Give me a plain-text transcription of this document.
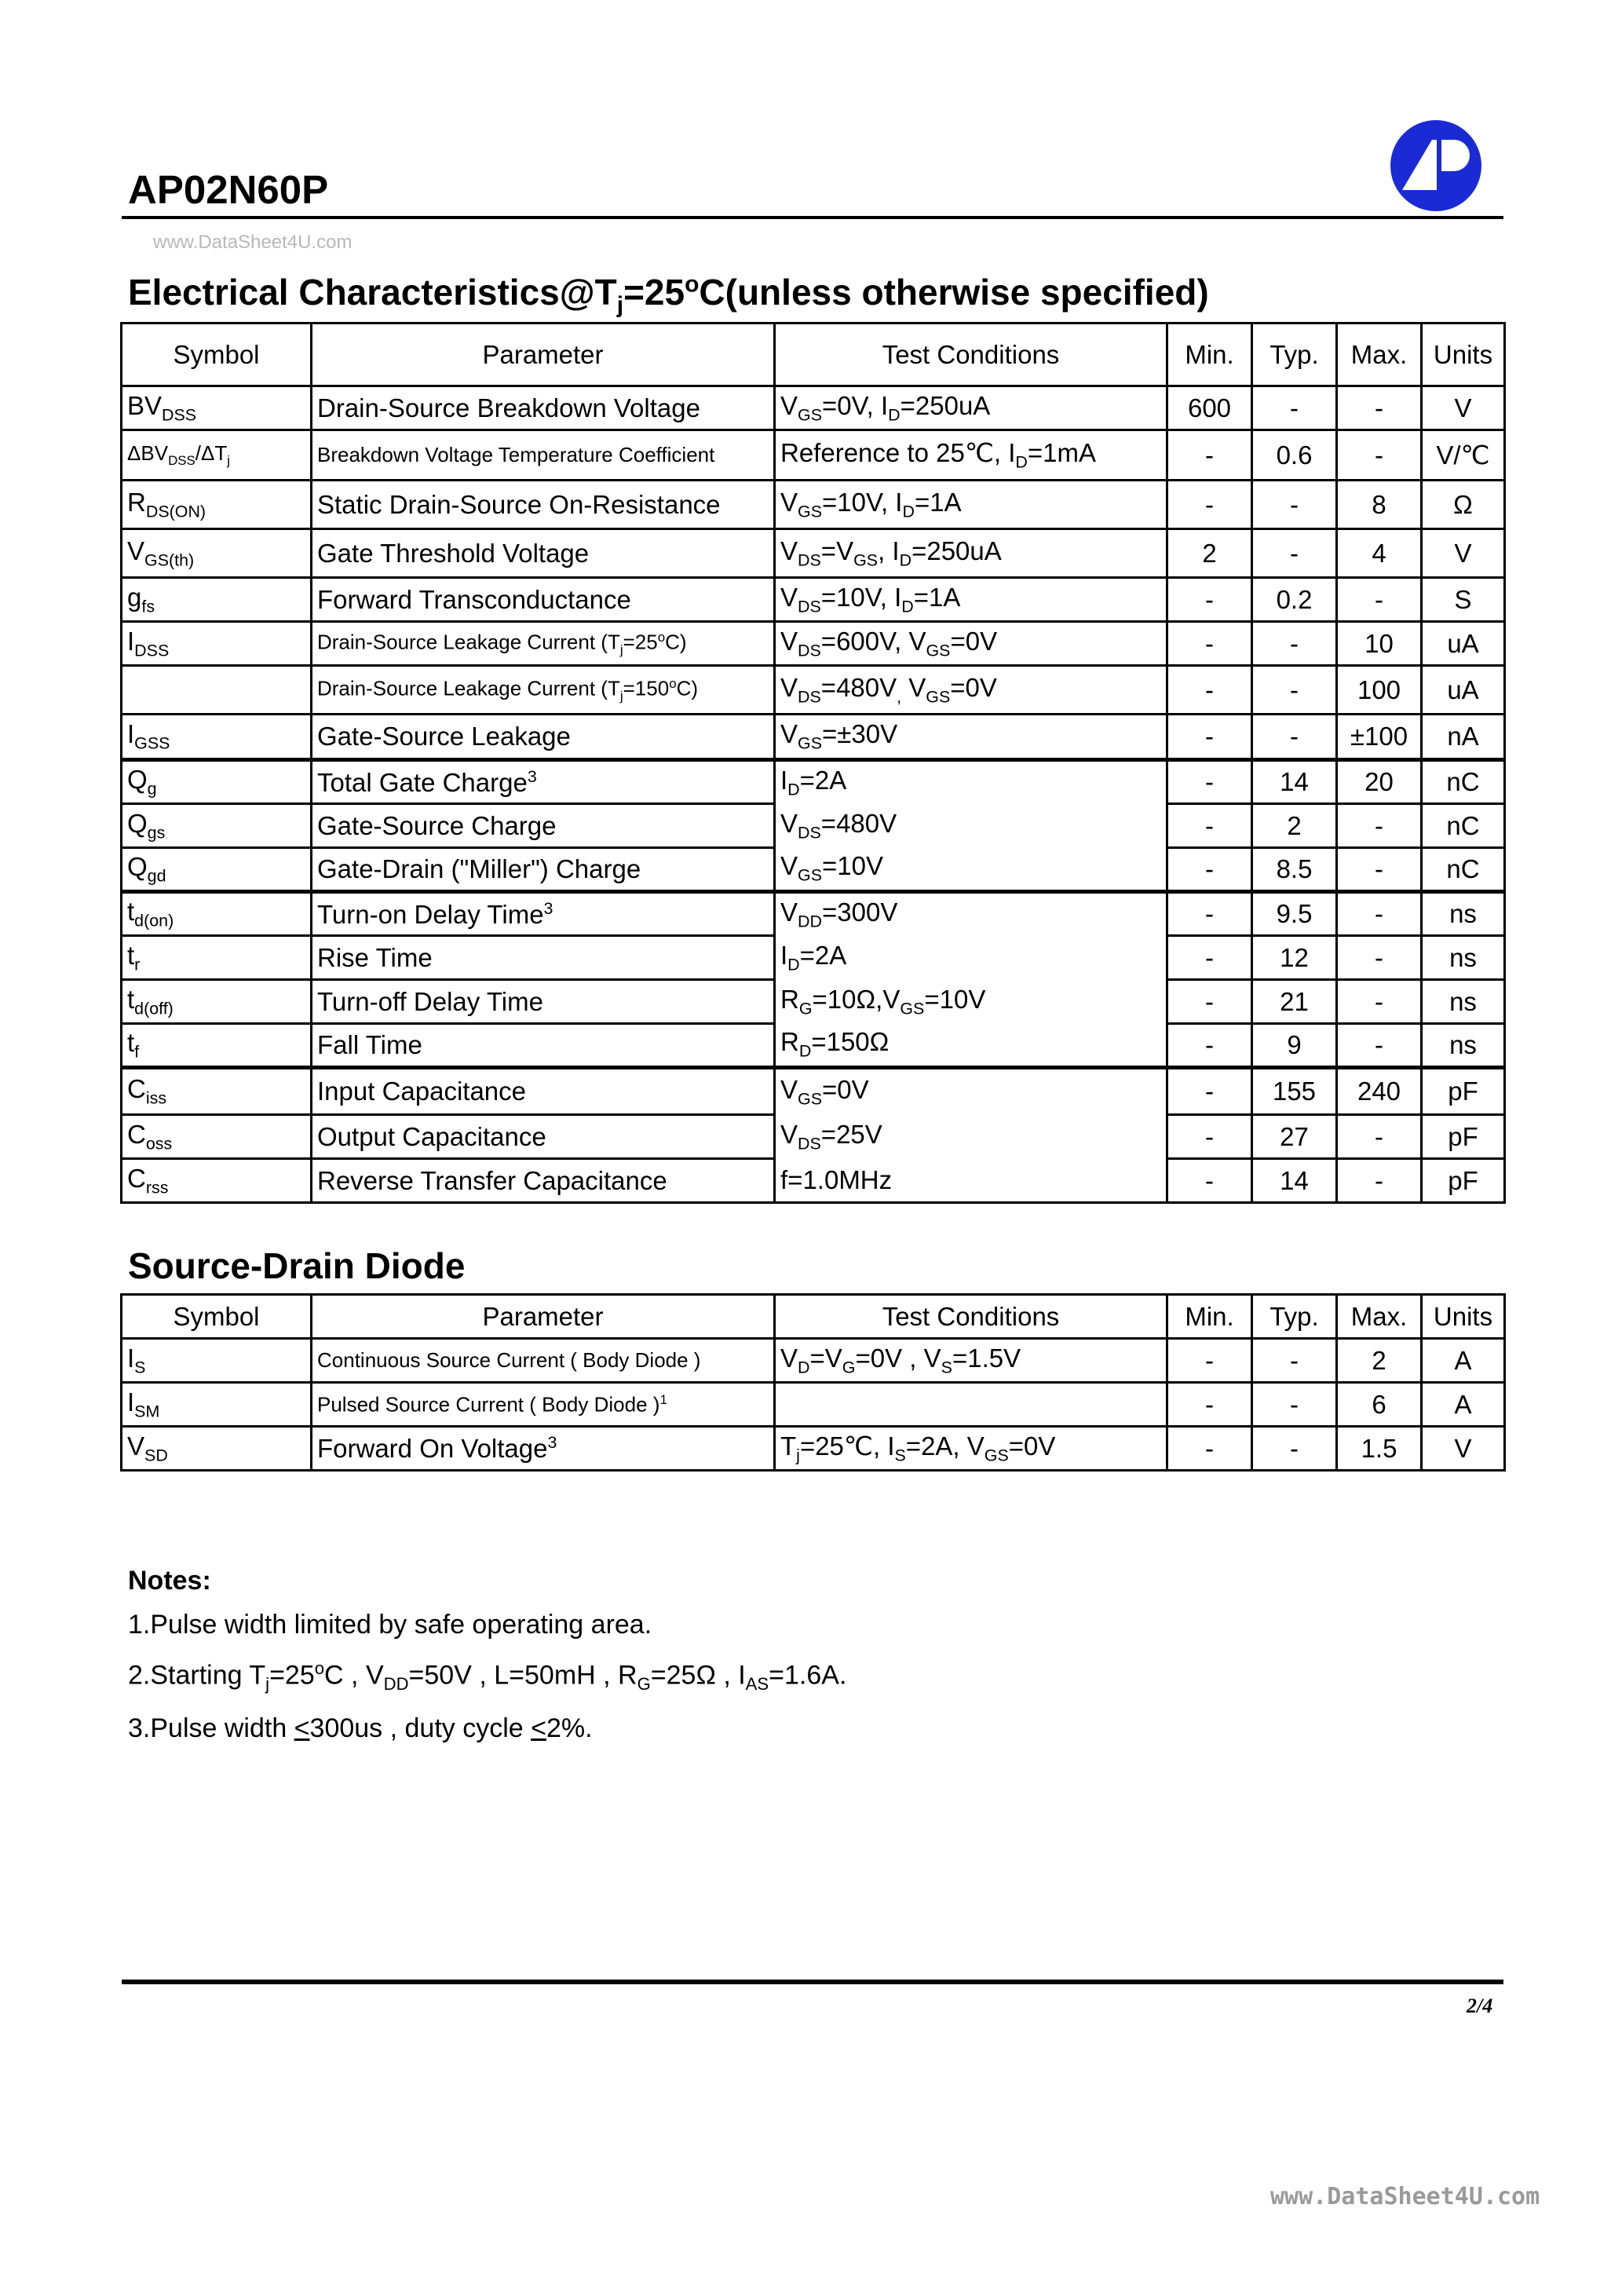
AP02N60P
www.DataSheet4U.com
Electrical $Characteristics@T_j=25^oC(unless$ otherwise specified)
Symbol	Parameter	Test Conditions	Min.	Typ.	Max.	Units
$BV_{DSS}$	Drain-Source Breakdown Voltage	$V_{GS}=0V$, $I_D=250uA$	600	-	-	V
$\Delta BV_{DSS}/\Delta T_j$	Breakdown Voltage Temperature Coefficient	Reference to 25℃, $I_D=1mA$	-	0.6	-	V/℃
$R_{DS(ON)}$	Static Drain-Source On-Resistance	$V_{GS}=10V$, $I_D=1A$	-	-	8	Ω
$V_{GS(th)}$	Gate Threshold Voltage	$V_{DS}=V_{GS}$, $I_D=250uA$	2	-	4	V
$g_{fs}$	Forward Transconductance	$V_{DS}=10V$, $I_D=1A$	-	0.2	-	S
$I_{DSS}$	Drain-Source Leakage Current $(T_j=25^oC)$	$V_{DS}=600V$, $V_{GS}=0V$	-	-	10	uA
	Drain-Source Leakage Current $(T_j=150^oC)$	$V_{DS}=480V_,$ $V_{GS}=0V$	-	-	100	uA
$I_{GSS}$	Gate-Source Leakage	$V_{GS}=\pm 30V$	-	-	±100	nA
$Q_g$	Total Gate Charge$^3$	$I_D=2A$	-	14	20	nC
$Q_{gs}$	Gate-Source Charge	$V_{DS}=480V$	-	2	-	nC
$Q_{gd}$	Gate-Drain ("Miller") Charge	$V_{GS}=10V$	-	8.5	-	nC
$t_{d(on)}$	Turn-on Delay Time$^3$	$V_{DD}=300V$	-	9.5	-	ns
$t_r$	Rise Time	$I_D=2A$	-	12	-	ns
$t_{d(off)}$	Turn-off Delay Time	$R_G=10\Omega,V_{GS}=10V$	-	21	-	ns
$t_f$	Fall Time	$R_D=150\Omega$	-	9	-	ns
$C_{iss}$	Input Capacitance	$V_{GS}=0V$	-	155	240	pF
$C_{oss}$	Output Capacitance	$V_{DS}=25V$	-	27	-	pF
$C_{rss}$	Reverse Transfer Capacitance	f=1.0MHz	-	14	-	pF
Source-Drain Diode
Symbol	Parameter	Test Conditions	Min.	Typ.	Max.	Units
$I_S$	Continuous Source Current ( Body Diode )	$V_D=V_G=0V$ , $V_S=1.5V$	-	-	2	A
$I_{SM}$	Pulsed Source Current ( Body Diode )$^1$		-	-	6	A
$V_{SD}$	Forward On Voltage$^3$	$T_j=25℃$, $I_S=2A$, $V_{GS}=0V$	-	-	1.5	V
Notes:
1.Pulse width limited by safe operating area.
2.Starting $T_j=25^oC$ , $V_{DD}=50V$ , L=50mH , $R_G=25\Omega$ , $I_{AS}=1.6A$.
3.Pulse width <300us , duty cycle <2%.
2/4
www.DataSheet4U.com
